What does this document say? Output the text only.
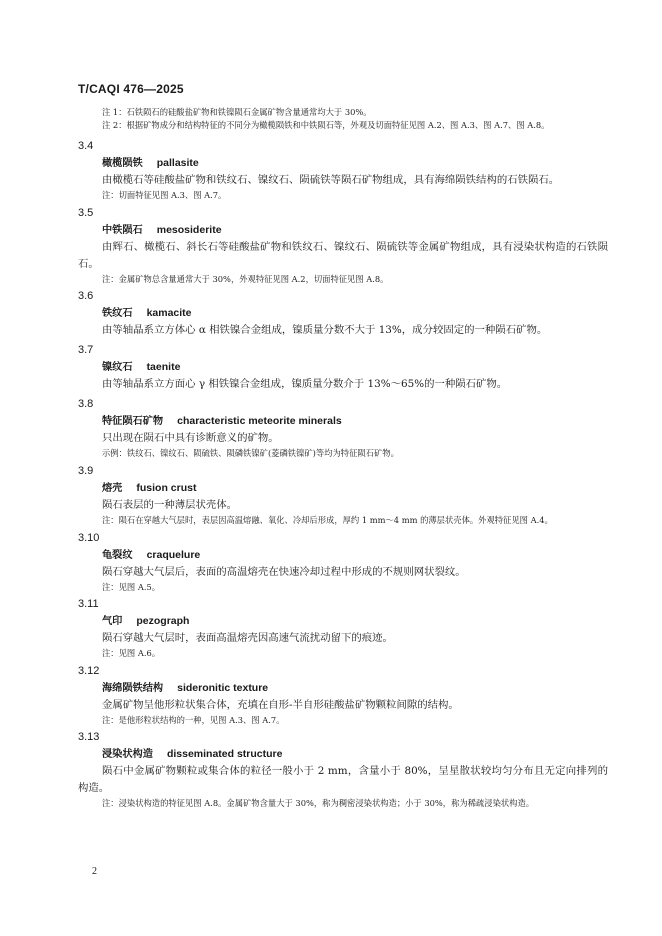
T/CAQI 476—2025
注 1：石铁陨石的硅酸盐矿物和铁镍陨石金属矿物含量通常均大于 30%。
注 2：根据矿物成分和结构特征的不同分为橄榄陨铁和中铁陨石等，外观及切面特征见图 A.2、图 A.3、图 A.7、图 A.8。
3.4
橄榄陨铁 pallasite
由橄榄石等硅酸盐矿物和铁纹石、镍纹石、陨硫铁等陨石矿物组成，具有海绵陨铁结构的石铁陨石。
注：切面特征见图 A.3、图 A.7。
3.5
中铁陨石 mesosiderite
由辉石、橄榄石、斜长石等硅酸盐矿物和铁纹石、镍纹石、陨硫铁等金属矿物组成，具有浸染状构造的石铁陨石。
注：金属矿物总含量通常大于 30%，外观特征见图 A.2，切面特征见图 A.8。
3.6
铁纹石 kamacite
由等轴晶系立方体心 α 相铁镍合金组成，镍质量分数不大于 13%，成分较固定的一种陨石矿物。
3.7
镍纹石 taenite
由等轴晶系立方面心 γ 相铁镍合金组成，镍质量分数介于 13%～65%的一种陨石矿物。
3.8
特征陨石矿物 characteristic meteorite minerals
只出现在陨石中具有诊断意义的矿物。
示例：铁纹石、镍纹石、陨硫铁、陨磷铁镍矿(菱磷铁镍矿)等均为特征陨石矿物。
3.9
熔壳 fusion crust
陨石表层的一种薄层状壳体。
注：陨石在穿越大气层时，表层因高温熔融、氧化、冷却后形成，厚约 1 mm～4 mm 的薄层状壳体。外观特征见图 A.4。
3.10
龟裂纹 craquelure
陨石穿越大气层后，表面的高温熔壳在快速冷却过程中形成的不规则网状裂纹。
注：见图 A.5。
3.11
气印 pezograph
陨石穿越大气层时，表面高温熔壳因高速气流扰动留下的痕迹。
注：见图 A.6。
3.12
海绵陨铁结构 sideronitic texture
金属矿物呈他形粒状集合体，充填在自形-半自形硅酸盐矿物颗粒间隙的结构。
注：是他形粒状结构的一种，见图 A.3、图 A.7。
3.13
浸染状构造 disseminated structure
陨石中金属矿物颗粒或集合体的粒径一般小于 2 mm，含量小于 80%，呈星散状较均匀分布且无定向排列的构造。
注：浸染状构造的特征见图 A.8。金属矿物含量大于 30%，称为稠密浸染状构造；小于 30%，称为稀疏浸染状构造。
2
